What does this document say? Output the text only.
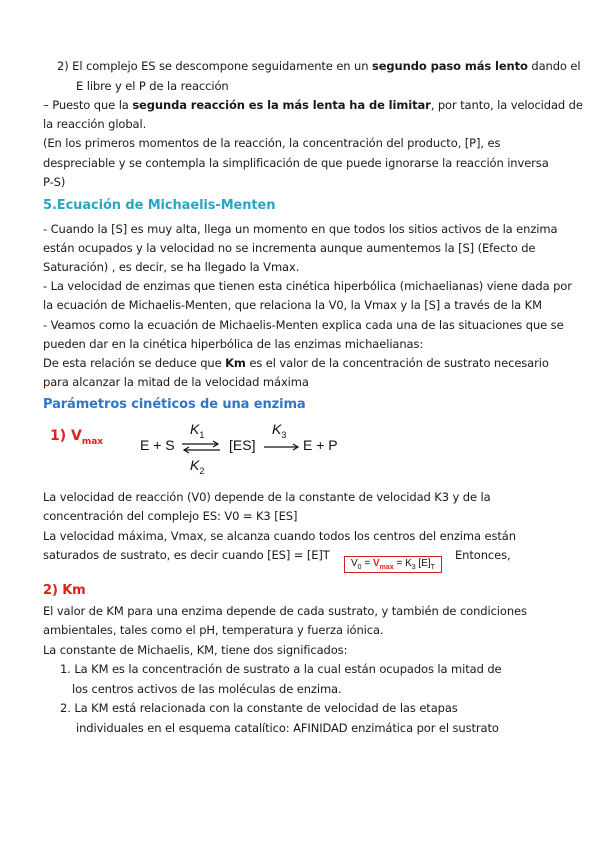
2) El complejo ES se descompone seguidamente en un segundo paso más lento dando el
E libre y el P de la reacción
– Puesto que la segunda reacción es la más lenta ha de limitar, por tanto, la velocidad de
la reacción global.
(En los primeros momentos de la reacción, la concentración del producto, [P], es
despreciable y se contempla la simplificación de que puede ignorarse la reacción inversa
P-S)
5.Ecuación de Michaelis-Menten
- Cuando la [S] es muy alta, llega un momento en que todos los sitios activos de la enzima
están ocupados y la velocidad no se incrementa aunque aumentemos la [S] (Efecto de
Saturación) , es decir, se ha llegado la Vmax.
- La velocidad de enzimas que tienen esta cinética hiperbólica (michaelianas) viene dada por
la ecuación de Michaelis-Menten, que relaciona la V0, la Vmax y la [S] a través de la KM
- Veamos como la ecuación de Michaelis-Menten explica cada una de las situaciones que se
pueden dar en la cinética hiperbólica de las enzimas michaelianas:
De esta relación se deduce que Km es el valor de la concentración de sustrato necesario
para alcanzar la mitad de la velocidad máxima
Parámetros cinéticos de una enzima
1) $V_{max}$	E + S
$K_1$
$K_2$
⇌ [ES]
$K_3$
E + P
La velocidad de reacción (V0) depende de la constante de velocidad K3 y de la
concentración del complejo ES: V0 = K3 [ES]
La velocidad máxima, Vmax, se alcanza cuando todos los centros del enzima están
saturados de sustrato, es decir cuando [ES] = [E]T
$V_0 = V_{max} = K_3$ $[E]_T$
Entonces,
2) Km
El valor de KM para una enzima depende de cada sustrato, y también de condiciones
ambientales, tales como el pH, temperatura y fuerza iónica.
La constante de Michaelis, KM, tiene dos significados:
1. La KM es la concentración de sustrato a la cual están ocupados la mitad de
los centros activos de las moléculas de enzima.
2. La KM está relacionada con la constante de velocidad de las etapas
individuales en el esquema catalítico: AFINIDAD enzimática por el sustrato
